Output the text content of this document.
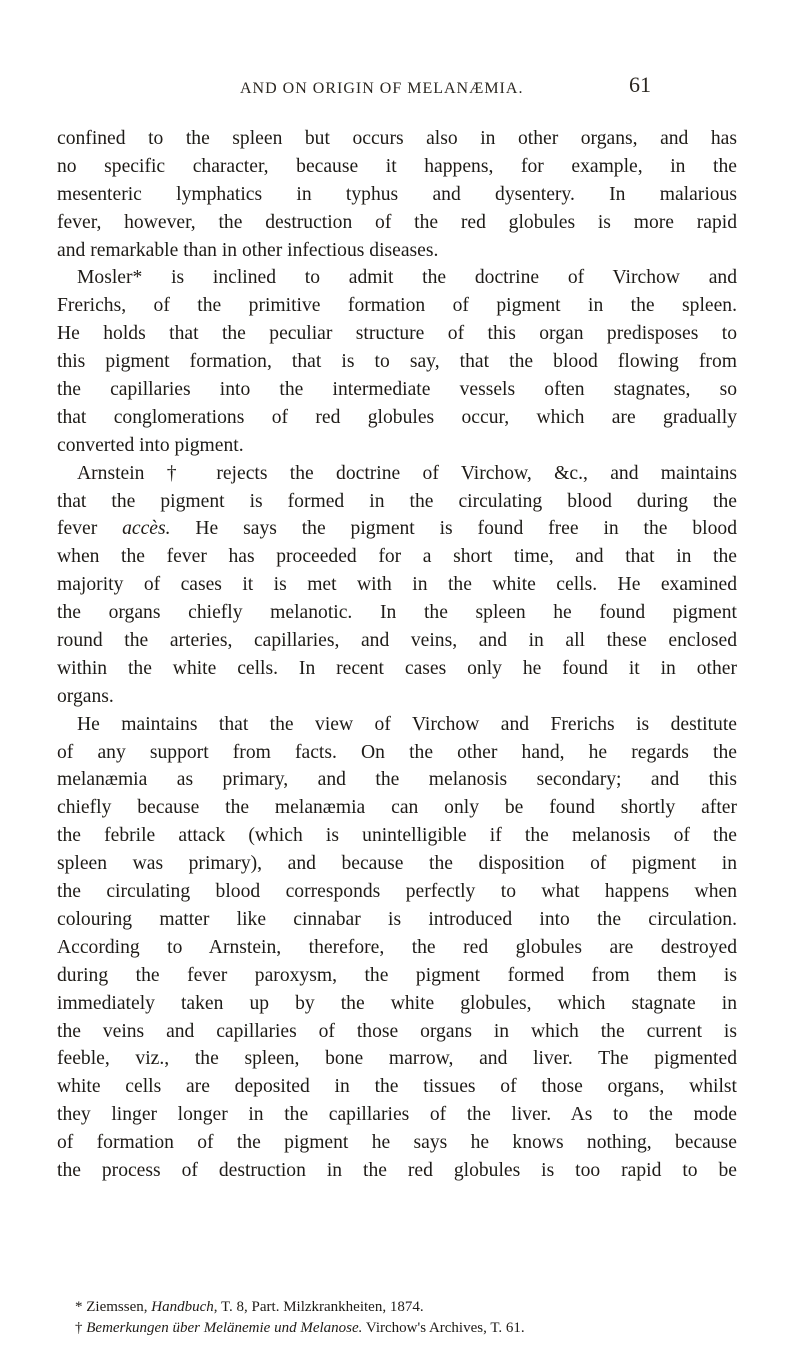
AND ON ORIGIN OF MELANÆMIA.	61
confined to the spleen but occurs also in other organs, and has
no specific character, because it happens, for example, in the
mesenteric lymphatics in typhus and dysentery. In malarious
fever, however, the destruction of the red globules is more rapid
and remarkable than in other infectious diseases.
Mosler* is inclined to admit the doctrine of Virchow and
Frerichs, of the primitive formation of pigment in the spleen.
He holds that the peculiar structure of this organ predisposes to
this pigment formation, that is to say, that the blood flowing from
the capillaries into the intermediate vessels often stagnates, so
that conglomerations of red globules occur, which are gradually
converted into pigment.
Arnstein † rejects the doctrine of Virchow, &c., and maintains
that the pigment is formed in the circulating blood during the
fever accès. He says the pigment is found free in the blood
when the fever has proceeded for a short time, and that in the
majority of cases it is met with in the white cells. He examined
the organs chiefly melanotic. In the spleen he found pigment
round the arteries, capillaries, and veins, and in all these enclosed
within the white cells. In recent cases only he found it in other
organs.
He maintains that the view of Virchow and Frerichs is destitute
of any support from facts. On the other hand, he regards the
melanæmia as primary, and the melanosis secondary; and this
chiefly because the melanæmia can only be found shortly after
the febrile attack (which is unintelligible if the melanosis of the
spleen was primary), and because the disposition of pigment in
the circulating blood corresponds perfectly to what happens when
colouring matter like cinnabar is introduced into the circulation.
According to Arnstein, therefore, the red globules are destroyed
during the fever paroxysm, the pigment formed from them is
immediately taken up by the white globules, which stagnate in
the veins and capillaries of those organs in which the current is
feeble, viz., the spleen, bone marrow, and liver. The pigmented
white cells are deposited in the tissues of those organs, whilst
they linger longer in the capillaries of the liver. As to the mode
of formation of the pigment he says he knows nothing, because
the process of destruction in the red globules is too rapid to be
* Ziemssen, Handbuch, T. 8, Part. Milzkrankheiten, 1874.
† Bemerkungen über Melänemie und Melanose. Virchow's Archives, T. 61.
